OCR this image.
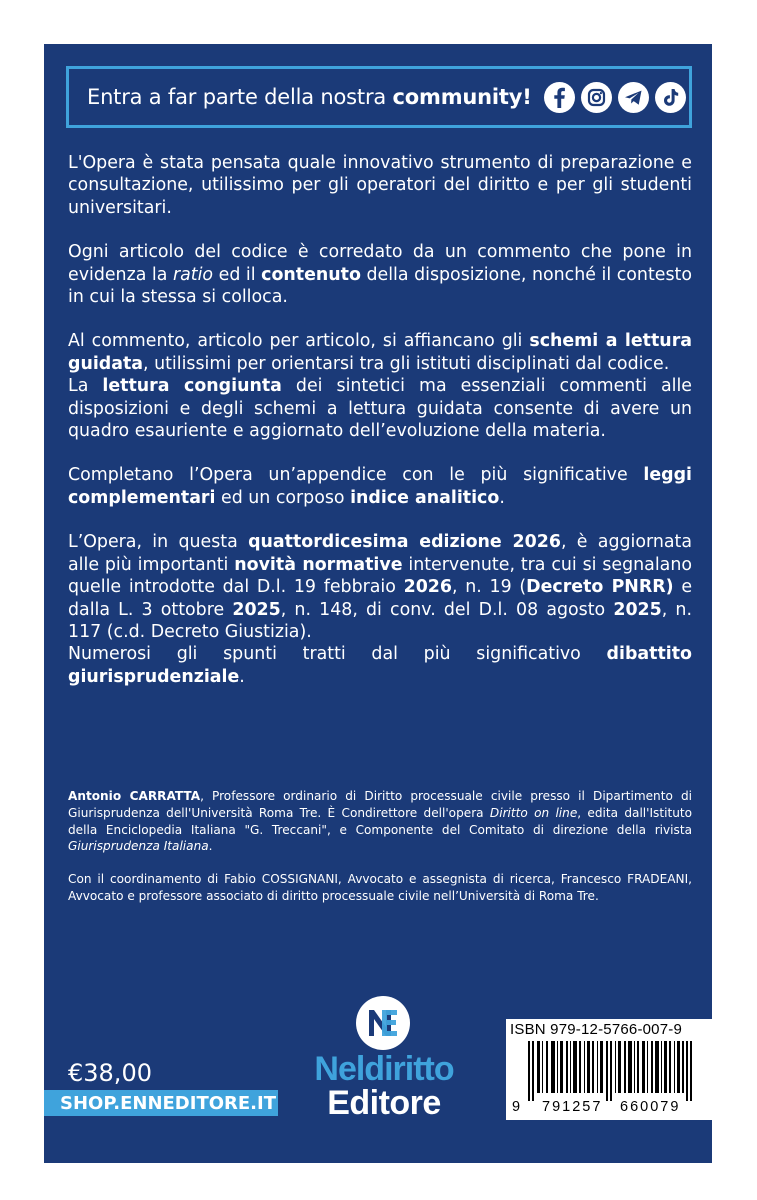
Entra a far parte della nostra community!

L'Opera è stata pensata quale innovativo strumento di preparazione e consultazione, utilissimo per gli operatori del diritto e per gli studenti universitari.

Ogni articolo del codice è corredato da un commento che pone in evidenza la ratio ed il contenuto della disposizione, nonché il contesto in cui la stessa si colloca.

Al commento, articolo per articolo, si affiancano gli schemi a lettura guidata, utilissimi per orientarsi tra gli istituti disciplinati dal codice.

La lettura congiunta dei sintetici ma essenziali commenti alle disposizioni e degli schemi a lettura guidata consente di avere un quadro esauriente e aggiornato dell’evoluzione della materia.

Completano l’Opera un’appendice con le più significative leggi complementari ed un corposo indice analitico.

L’Opera, in questa quattordicesima edizione 2026, è aggiornata alle più importanti novità normative intervenute, tra cui si segnalano quelle introdotte dal D.l. 19 febbraio 2026, n. 19 (Decreto PNRR) e dalla L. 3 ottobre 2025, n. 148, di conv. del D.l. 08 agosto 2025, n. 117 (c.d. Decreto Giustizia).

Numerosi gli spunti tratti dal più significativo dibattito giurisprudenziale.

Antonio CARRATTA, Professore ordinario di Diritto processuale civile presso il Dipartimento di Giurisprudenza dell'Università Roma Tre. È Condirettore dell'opera Diritto on line, edita dall'Istituto della Enciclopedia Italiana "G. Treccani", e Componente del Comitato di direzione della rivista Giurisprudenza Italiana.

Con il coordinamento di Fabio COSSIGNANI, Avvocato e assegnista di ricerca, Francesco FRADEANI, Avvocato e professore associato di diritto processuale civile nell’Università di Roma Tre.

€38,00
SHOP.ENNEDITORE.IT
Neldiritto
Editore
ISBN 979-12-5766-007-9
9 791257 660079
